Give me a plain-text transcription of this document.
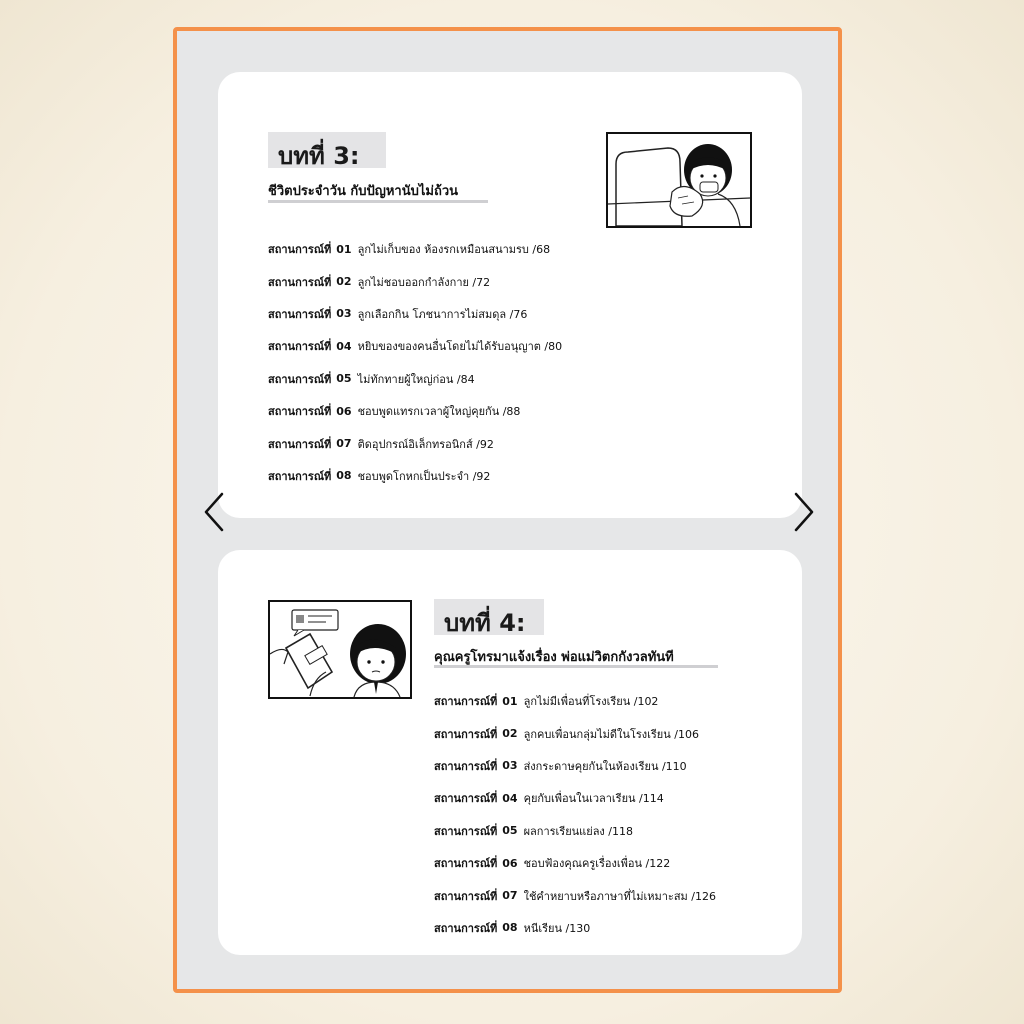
บทที่ 3:
ชีวิตประจำวัน กับปัญหานับไม่ถ้วน
สถานการณ์ที่ 01 ลูกไม่เก็บของ ห้องรกเหมือนสนามรบ /68
สถานการณ์ที่ 02 ลูกไม่ชอบออกกำลังกาย /72
สถานการณ์ที่ 03 ลูกเลือกกิน โภชนาการไม่สมดุล /76
สถานการณ์ที่ 04 หยิบของของคนอื่นโดยไม่ได้รับอนุญาต /80
สถานการณ์ที่ 05 ไม่ทักทายผู้ใหญ่ก่อน /84
สถานการณ์ที่ 06 ชอบพูดแทรกเวลาผู้ใหญ่คุยกัน /88
สถานการณ์ที่ 07 ติดอุปกรณ์อิเล็กทรอนิกส์ /92
สถานการณ์ที่ 08 ชอบพูดโกหกเป็นประจำ /92
บทที่ 4:
คุณครูโทรมาแจ้งเรื่อง พ่อแม่วิตกกังวลทันที
สถานการณ์ที่ 01 ลูกไม่มีเพื่อนที่โรงเรียน /102
สถานการณ์ที่ 02 ลูกคบเพื่อนกลุ่มไม่ดีในโรงเรียน /106
สถานการณ์ที่ 03 ส่งกระดาษคุยกันในห้องเรียน /110
สถานการณ์ที่ 04 คุยกับเพื่อนในเวลาเรียน /114
สถานการณ์ที่ 05 ผลการเรียนแย่ลง /118
สถานการณ์ที่ 06 ชอบฟ้องคุณครูเรื่องเพื่อน /122
สถานการณ์ที่ 07 ใช้คำหยาบหรือภาษาที่ไม่เหมาะสม /126
สถานการณ์ที่ 08 หนีเรียน /130
